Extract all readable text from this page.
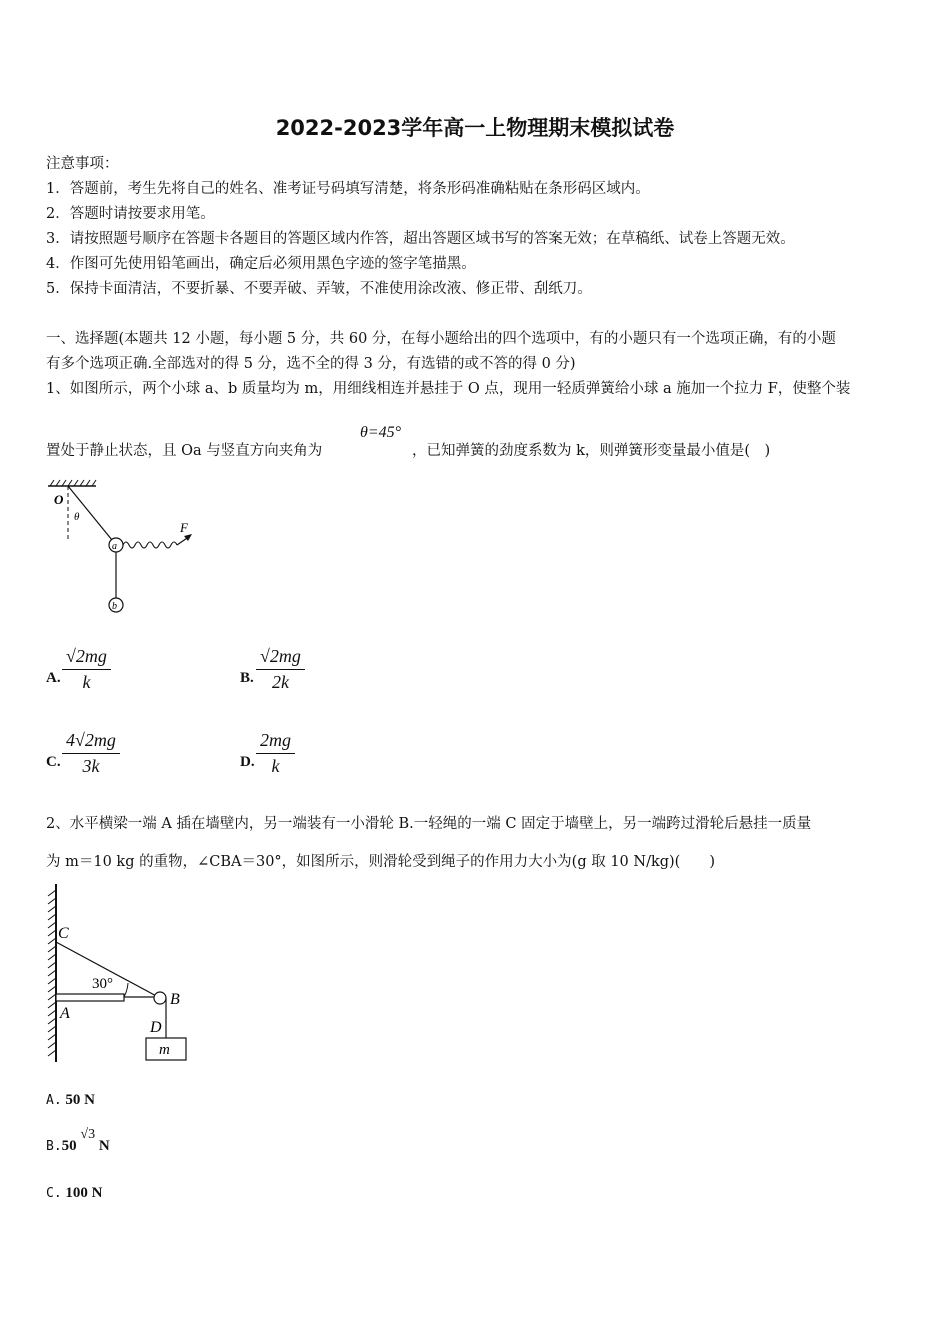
2022-2023学年高一上物理期末模拟试卷
注意事项：
1．答题前，考生先将自己的姓名、准考证号码填写清楚，将条形码准确粘贴在条形码区域内。
2．答题时请按要求用笔。
3．请按照题号顺序在答题卡各题目的答题区域内作答，超出答题区域书写的答案无效；在草稿纸、试卷上答题无效。
4．作图可先使用铅笔画出，确定后必须用黑色字迹的签字笔描黑。
5．保持卡面清洁，不要折暴、不要弄破、弄皱，不准使用涂改液、修正带、刮纸刀。
一、选择题(本题共 12 小题，每小题 5 分，共 60 分，在每小题给出的四个选项中，有的小题只有一个选项正确，有的小题
有多个选项正确.全部选对的得 5 分，选不全的得 3 分，有选错的或不答的得 0 分)
1、如图所示，两个小球 a、b 质量均为 m，用细线相连并悬挂于 O 点，现用一轻质弹簧给小球 a 施加一个拉力 F，使整个装
置处于静止状态，且 Oa 与竖直方向夹角为
θ=45°
，已知弹簧的劲度系数为 k，则弹簧形变量最小值是(　)
O
θ
a
F
b
A. $\frac{√2mg}{k}$	B. $\frac{√2mg}{2k}$
C. $\frac{4√2mg}{3k}$	D. $\frac{2mg}{k}$
2、水平横梁一端 A 插在墙壁内，另一端装有一小滑轮 B.一轻绳的一端 C 固定于墙壁上，另一端跨过滑轮后悬挂一质量
为 m＝10 kg 的重物，∠CBA＝30°，如图所示，则滑轮受到绳子的作用力大小为(g 取 10 N/kg)(　　)
C
30°
B
A
D
m
A. 50 N
B.50 √3 N
C. 100 N
